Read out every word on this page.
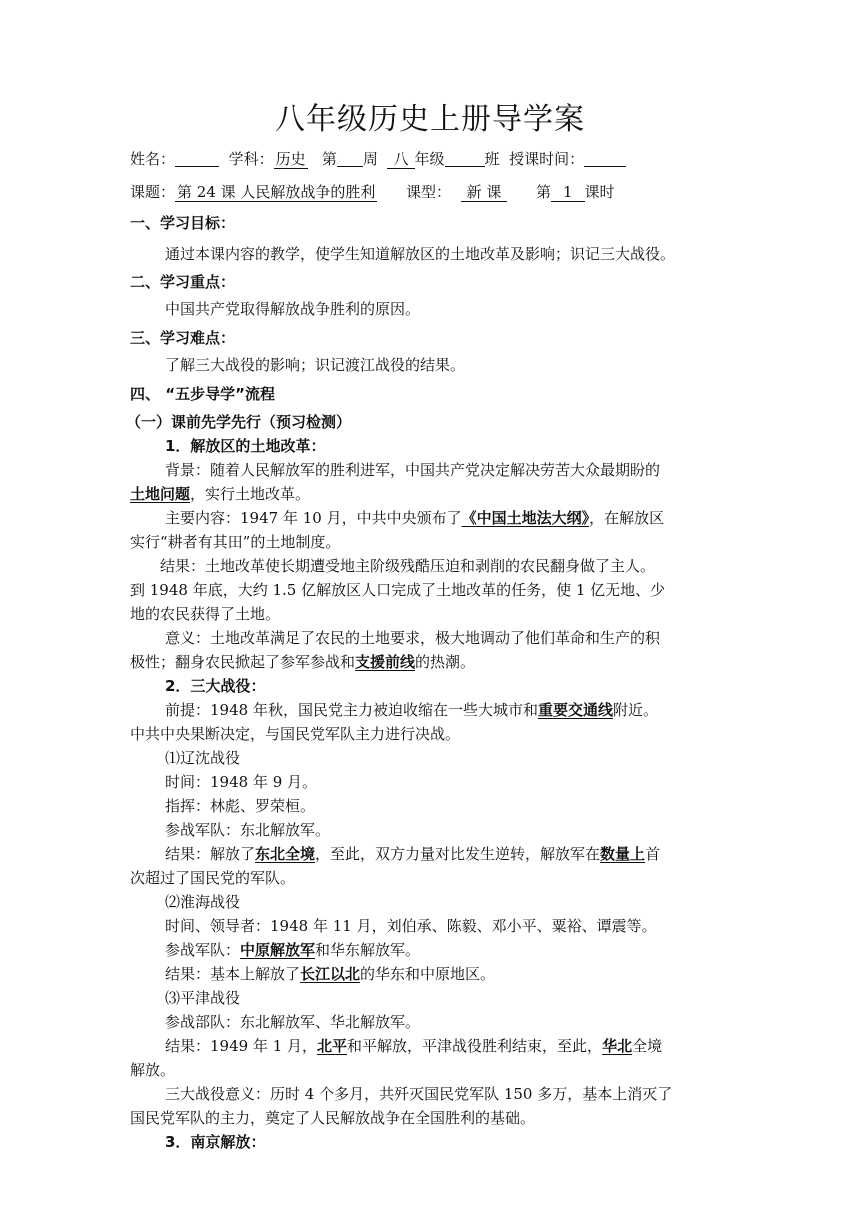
八年级历史上册导学案
姓名：	学科： 历史 第 周 八 年级	班 授课时间：
课题： 第 24 课 人民解放战争的胜利 课型： 新 课 第 1 课时
一、学习目标：
通过本课内容的教学，使学生知道解放区的土地改革及影响；识记三大战役。
二、学习重点：
中国共产党取得解放战争胜利的原因。
三、学习难点：
了解三大战役的影响；识记渡江战役的结果。
四、 “五步导学”流程
（一）课前先学先行（预习检测）
1．解放区的土地改革：
背景：随着人民解放军的胜利进军，中国共产党决定解决劳苦大众最期盼的
土地问题，实行土地改革。
主要内容：1947 年 10 月，中共中央颁布了《中国土地法大纲》，在解放区
实行“耕者有其田”的土地制度。
结果：土地改革使长期遭受地主阶级残酷压迫和剥削的农民翻身做了主人。
到 1948 年底，大约 1.5 亿解放区人口完成了土地改革的任务，使 1 亿无地、少
地的农民获得了土地。
意义：土地改革满足了农民的土地要求，极大地调动了他们革命和生产的积
极性；翻身农民掀起了参军参战和支援前线的热潮。
2．三大战役：
前提：1948 年秋，国民党主力被迫收缩在一些大城市和重要交通线附近。
中共中央果断决定，与国民党军队主力进行决战。
⑴辽沈战役
时间：1948 年 9 月。
指挥：林彪、罗荣桓。
参战军队：东北解放军。
结果：解放了东北全境，至此，双方力量对比发生逆转，解放军在数量上首
次超过了国民党的军队。
⑵淮海战役
时间、领导者：1948 年 11 月，刘伯承、陈毅、邓小平、粟裕、谭震等。
参战军队：中原解放军和华东解放军。
结果：基本上解放了长江以北的华东和中原地区。
⑶平津战役
参战部队：东北解放军、华北解放军。
结果：1949 年 1 月，北平和平解放，平津战役胜利结束，至此，华北全境
解放。
三大战役意义：历时 4 个多月，共歼灭国民党军队 150 多万，基本上消灭了
国民党军队的主力，奠定了人民解放战争在全国胜利的基础。
3．南京解放：
